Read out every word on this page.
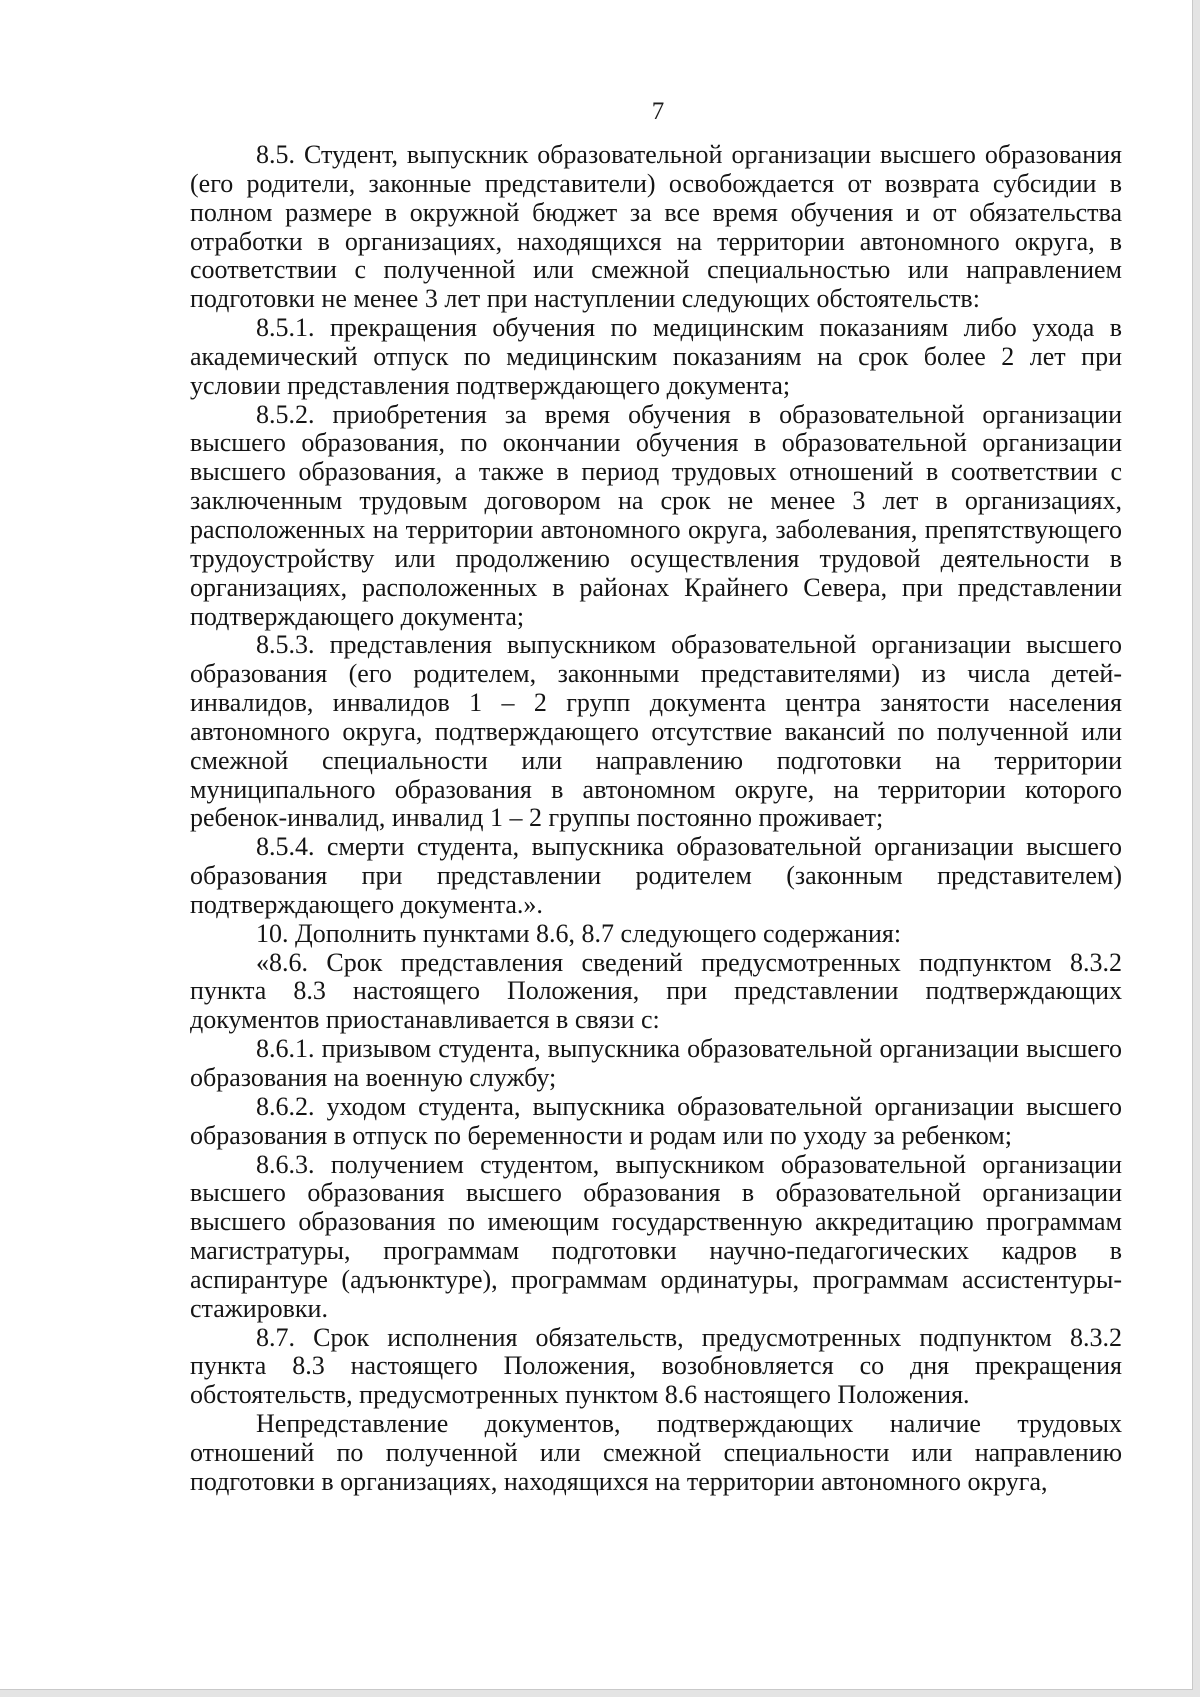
7

8.5. Студент, выпускник образовательной организации высшего образования (его родители, законные представители) освобождается от возврата субсидии в полном размере в окружной бюджет за все время обучения и от обязательства отработки в организациях, находящихся на территории автономного округа, в соответствии с полученной или смежной специальностью или направлением подготовки не менее 3 лет при наступлении следующих обстоятельств:

8.5.1. прекращения обучения по медицинским показаниям либо ухода в академический отпуск по медицинским показаниям на срок более 2 лет при условии представления подтверждающего документа;

8.5.2. приобретения за время обучения в образовательной организации высшего образования, по окончании обучения в образовательной организации высшего образования, а также в период трудовых отношений в соответствии с заключенным трудовым договором на срок не менее 3 лет в организациях, расположенных на территории автономного округа, заболевания, препятствующего трудоустройству или продолжению осуществления трудовой деятельности в организациях, расположенных в районах Крайнего Севера, при представлении подтверждающего документа;

8.5.3. представления выпускником образовательной организации высшего образования (его родителем, законными представителями) из числа детей-инвалидов, инвалидов 1 – 2 групп документа центра занятости населения автономного округа, подтверждающего отсутствие вакансий по полученной или смежной специальности или направлению подготовки на территории муниципального образования в автономном округе, на территории которого ребенок-инвалид, инвалид 1 – 2 группы постоянно проживает;

8.5.4. смерти студента, выпускника образовательной организации высшего образования при представлении родителем (законным представителем) подтверждающего документа.».

10. Дополнить пунктами 8.6, 8.7 следующего содержания:

«8.6. Срок представления сведений предусмотренных подпунктом 8.3.2 пункта 8.3 настоящего Положения, при представлении подтверждающих документов приостанавливается в связи с:

8.6.1. призывом студента, выпускника образовательной организации высшего образования на военную службу;

8.6.2. уходом студента, выпускника образовательной организации высшего образования в отпуск по беременности и родам или по уходу за ребенком;

8.6.3. получением студентом, выпускником образовательной организации высшего образования высшего образования в образовательной организации высшего образования по имеющим государственную аккредитацию программам магистратуры, программам подготовки научно-педагогических кадров в аспирантуре (адъюнктуре), программам ординатуры, программам ассистентуры-стажировки.

8.7. Срок исполнения обязательств, предусмотренных подпунктом 8.3.2 пункта 8.3 настоящего Положения, возобновляется со дня прекращения обстоятельств, предусмотренных пунктом 8.6 настоящего Положения.

Непредставление документов, подтверждающих наличие трудовых отношений по полученной или смежной специальности или направлению подготовки в организациях, находящихся на территории автономного округа,
